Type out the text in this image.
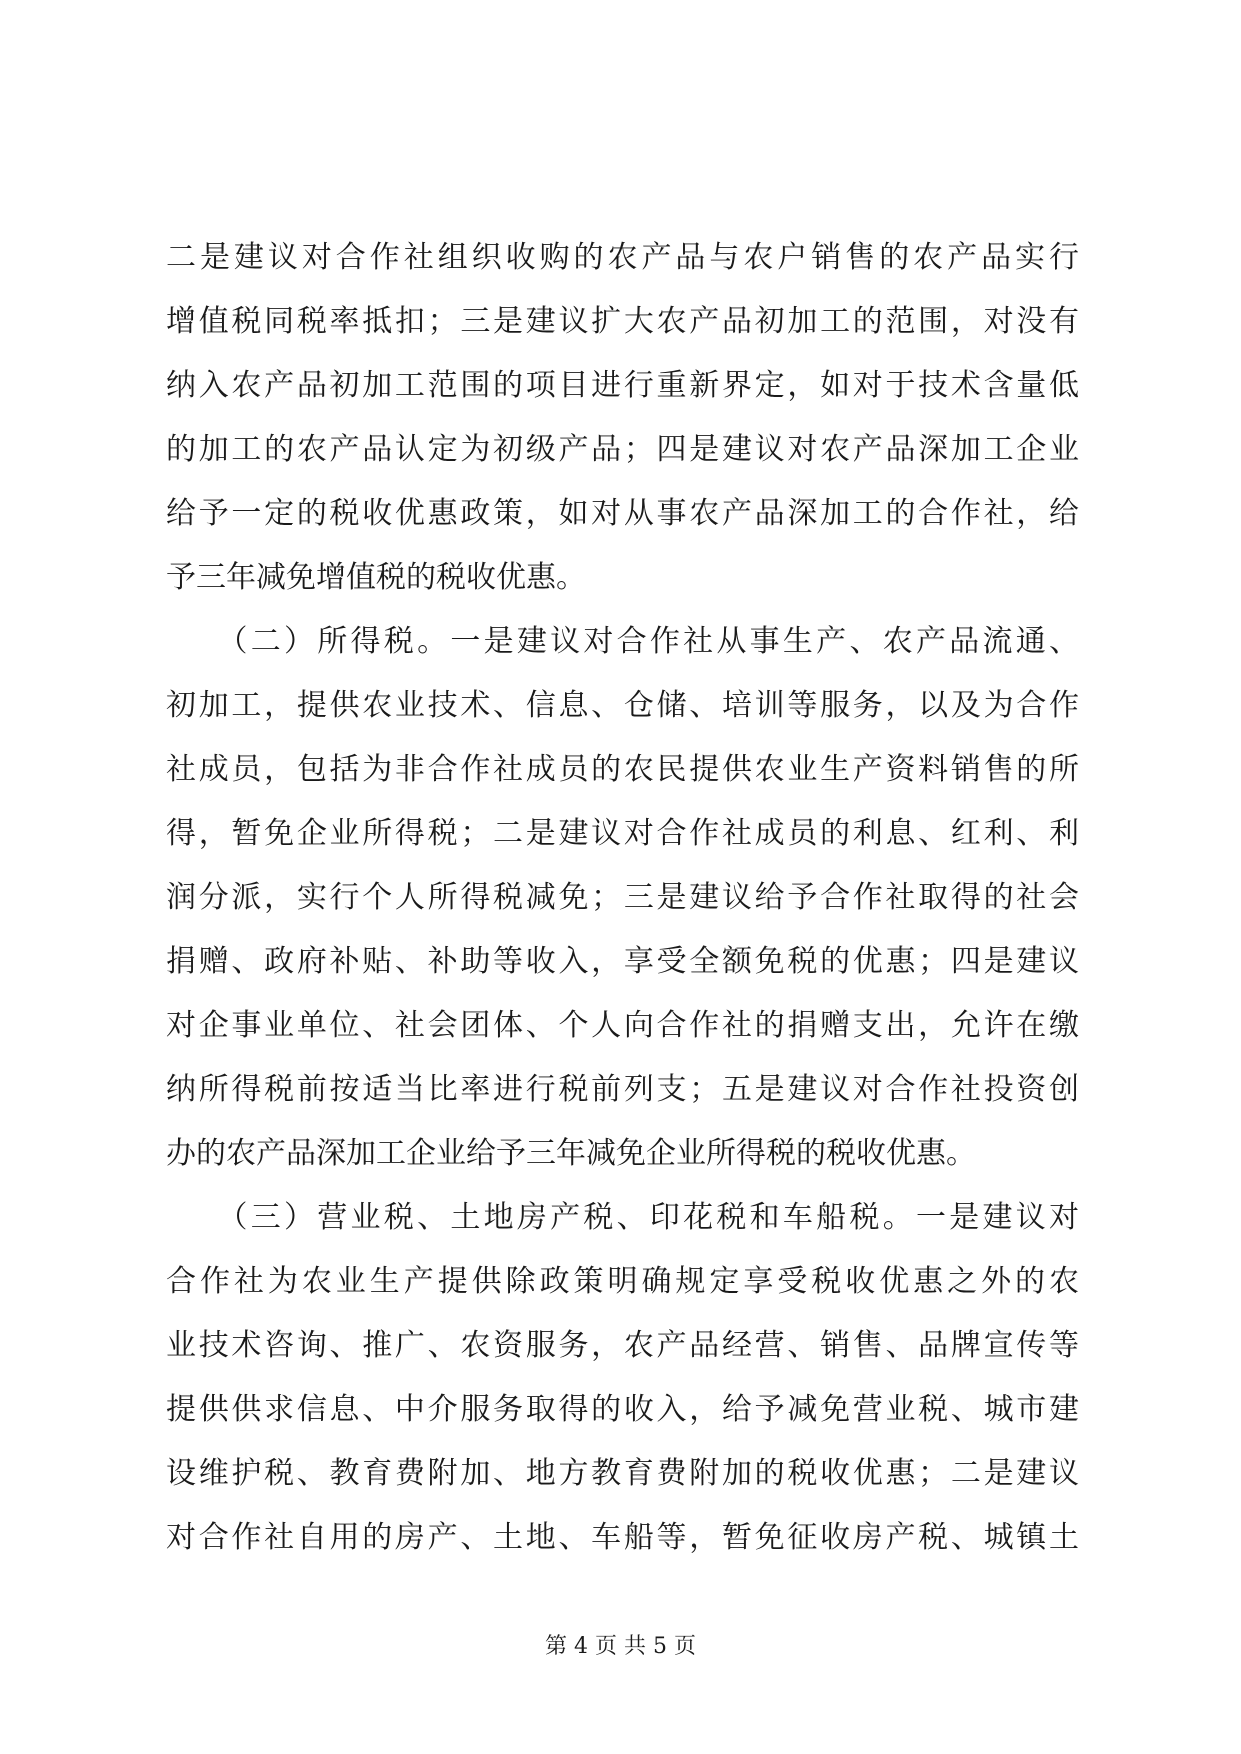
二是建议对合作社组织收购的农产品与农户销售的农产品实行
增值税同税率抵扣；三是建议扩大农产品初加工的范围，对没有
纳入农产品初加工范围的项目进行重新界定，如对于技术含量低
的加工的农产品认定为初级产品；四是建议对农产品深加工企业
给予一定的税收优惠政策，如对从事农产品深加工的合作社，给
予三年减免增值税的税收优惠。
　　（二）所得税。一是建议对合作社从事生产、农产品流通、
初加工，提供农业技术、信息、仓储、培训等服务，以及为合作
社成员，包括为非合作社成员的农民提供农业生产资料销售的所
得，暂免企业所得税；二是建议对合作社成员的利息、红利、利
润分派，实行个人所得税减免；三是建议给予合作社取得的社会
捐赠、政府补贴、补助等收入，享受全额免税的优惠；四是建议
对企事业单位、社会团体、个人向合作社的捐赠支出，允许在缴
纳所得税前按适当比率进行税前列支；五是建议对合作社投资创
办的农产品深加工企业给予三年减免企业所得税的税收优惠。
　　（三）营业税、土地房产税、印花税和车船税。一是建议对
合作社为农业生产提供除政策明确规定享受税收优惠之外的农
业技术咨询、推广、农资服务，农产品经营、销售、品牌宣传等
提供供求信息、中介服务取得的收入，给予减免营业税、城市建
设维护税、教育费附加、地方教育费附加的税收优惠；二是建议
对合作社自用的房产、土地、车船等，暂免征收房产税、城镇土
第 4 页 共 5 页
